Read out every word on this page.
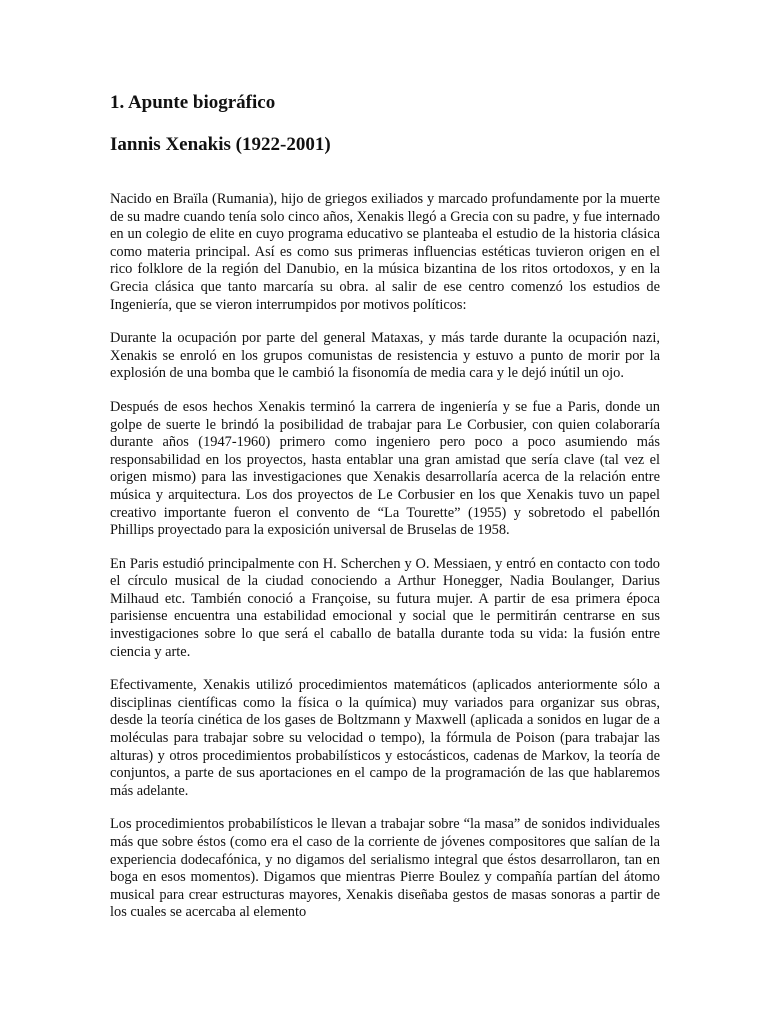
1. Apunte biográfico
Iannis Xenakis (1922-2001)

Nacido en Braïla (Rumania), hijo de griegos exiliados y marcado profundamente por la muerte de su madre cuando tenía solo cinco años, Xenakis llegó a Grecia con su padre, y fue internado en un colegio de elite en cuyo programa educativo se planteaba el estudio de la historia clásica como materia principal. Así es como sus primeras influencias estéticas tuvieron origen en el rico folklore de la región del Danubio, en la música bizantina de los ritos ortodoxos, y en la Grecia clásica que tanto marcaría su obra. al salir de ese centro comenzó los estudios de Ingeniería, que se vieron interrumpidos por motivos políticos:

Durante la ocupación por parte del general Mataxas, y más tarde durante la ocupación nazi, Xenakis se enroló en los grupos comunistas de resistencia y estuvo a punto de morir por la explosión de una bomba que le cambió la fisonomía de media cara y le dejó inútil un ojo.

Después de esos hechos Xenakis terminó la carrera de ingeniería y se fue a Paris, donde un golpe de suerte le brindó la posibilidad de trabajar para Le Corbusier, con quien colaboraría durante años (1947-1960) primero como ingeniero pero poco a poco asumiendo más responsabilidad en los proyectos, hasta entablar una gran amistad que sería clave (tal vez el origen mismo) para las investigaciones que Xenakis desarrollaría acerca de la relación entre música y arquitectura. Los dos proyectos de Le Corbusier en los que Xenakis tuvo un papel creativo importante fueron el convento de “La Tourette” (1955) y sobretodo el pabellón Phillips proyectado para la exposición universal de Bruselas de 1958.

En Paris estudió principalmente con H. Scherchen y O. Messiaen, y entró en contacto con todo el círculo musical de la ciudad conociendo a Arthur Honegger, Nadia Boulanger, Darius Milhaud etc. También conoció a Françoise, su futura mujer. A partir de esa primera época parisiense encuentra una estabilidad emocional y social que le permitirán centrarse en sus investigaciones sobre lo que será el caballo de batalla durante toda su vida: la fusión entre ciencia y arte.

Efectivamente, Xenakis utilizó procedimientos matemáticos (aplicados anteriormente sólo a disciplinas científicas como la física o la química) muy variados para organizar sus obras, desde la teoría cinética de los gases de Boltzmann y Maxwell (aplicada a sonidos en lugar de a moléculas para trabajar sobre su velocidad o tempo), la fórmula de Poison (para trabajar las alturas) y otros procedimientos probabilísticos y estocásticos, cadenas de Markov, la teoría de conjuntos, a parte de sus aportaciones en el campo de la programación de las que hablaremos más adelante.

Los procedimientos probabilísticos le llevan a trabajar sobre “la masa” de sonidos individuales más que sobre éstos (como era el caso de la corriente de jóvenes compositores que salían de la experiencia dodecafónica, y no digamos del serialismo integral que éstos desarrollaron, tan en boga en esos momentos). Digamos que mientras Pierre Boulez y compañía partían del átomo musical para crear estructuras mayores, Xenakis diseñaba gestos de masas sonoras a partir de los cuales se acercaba al elemento
